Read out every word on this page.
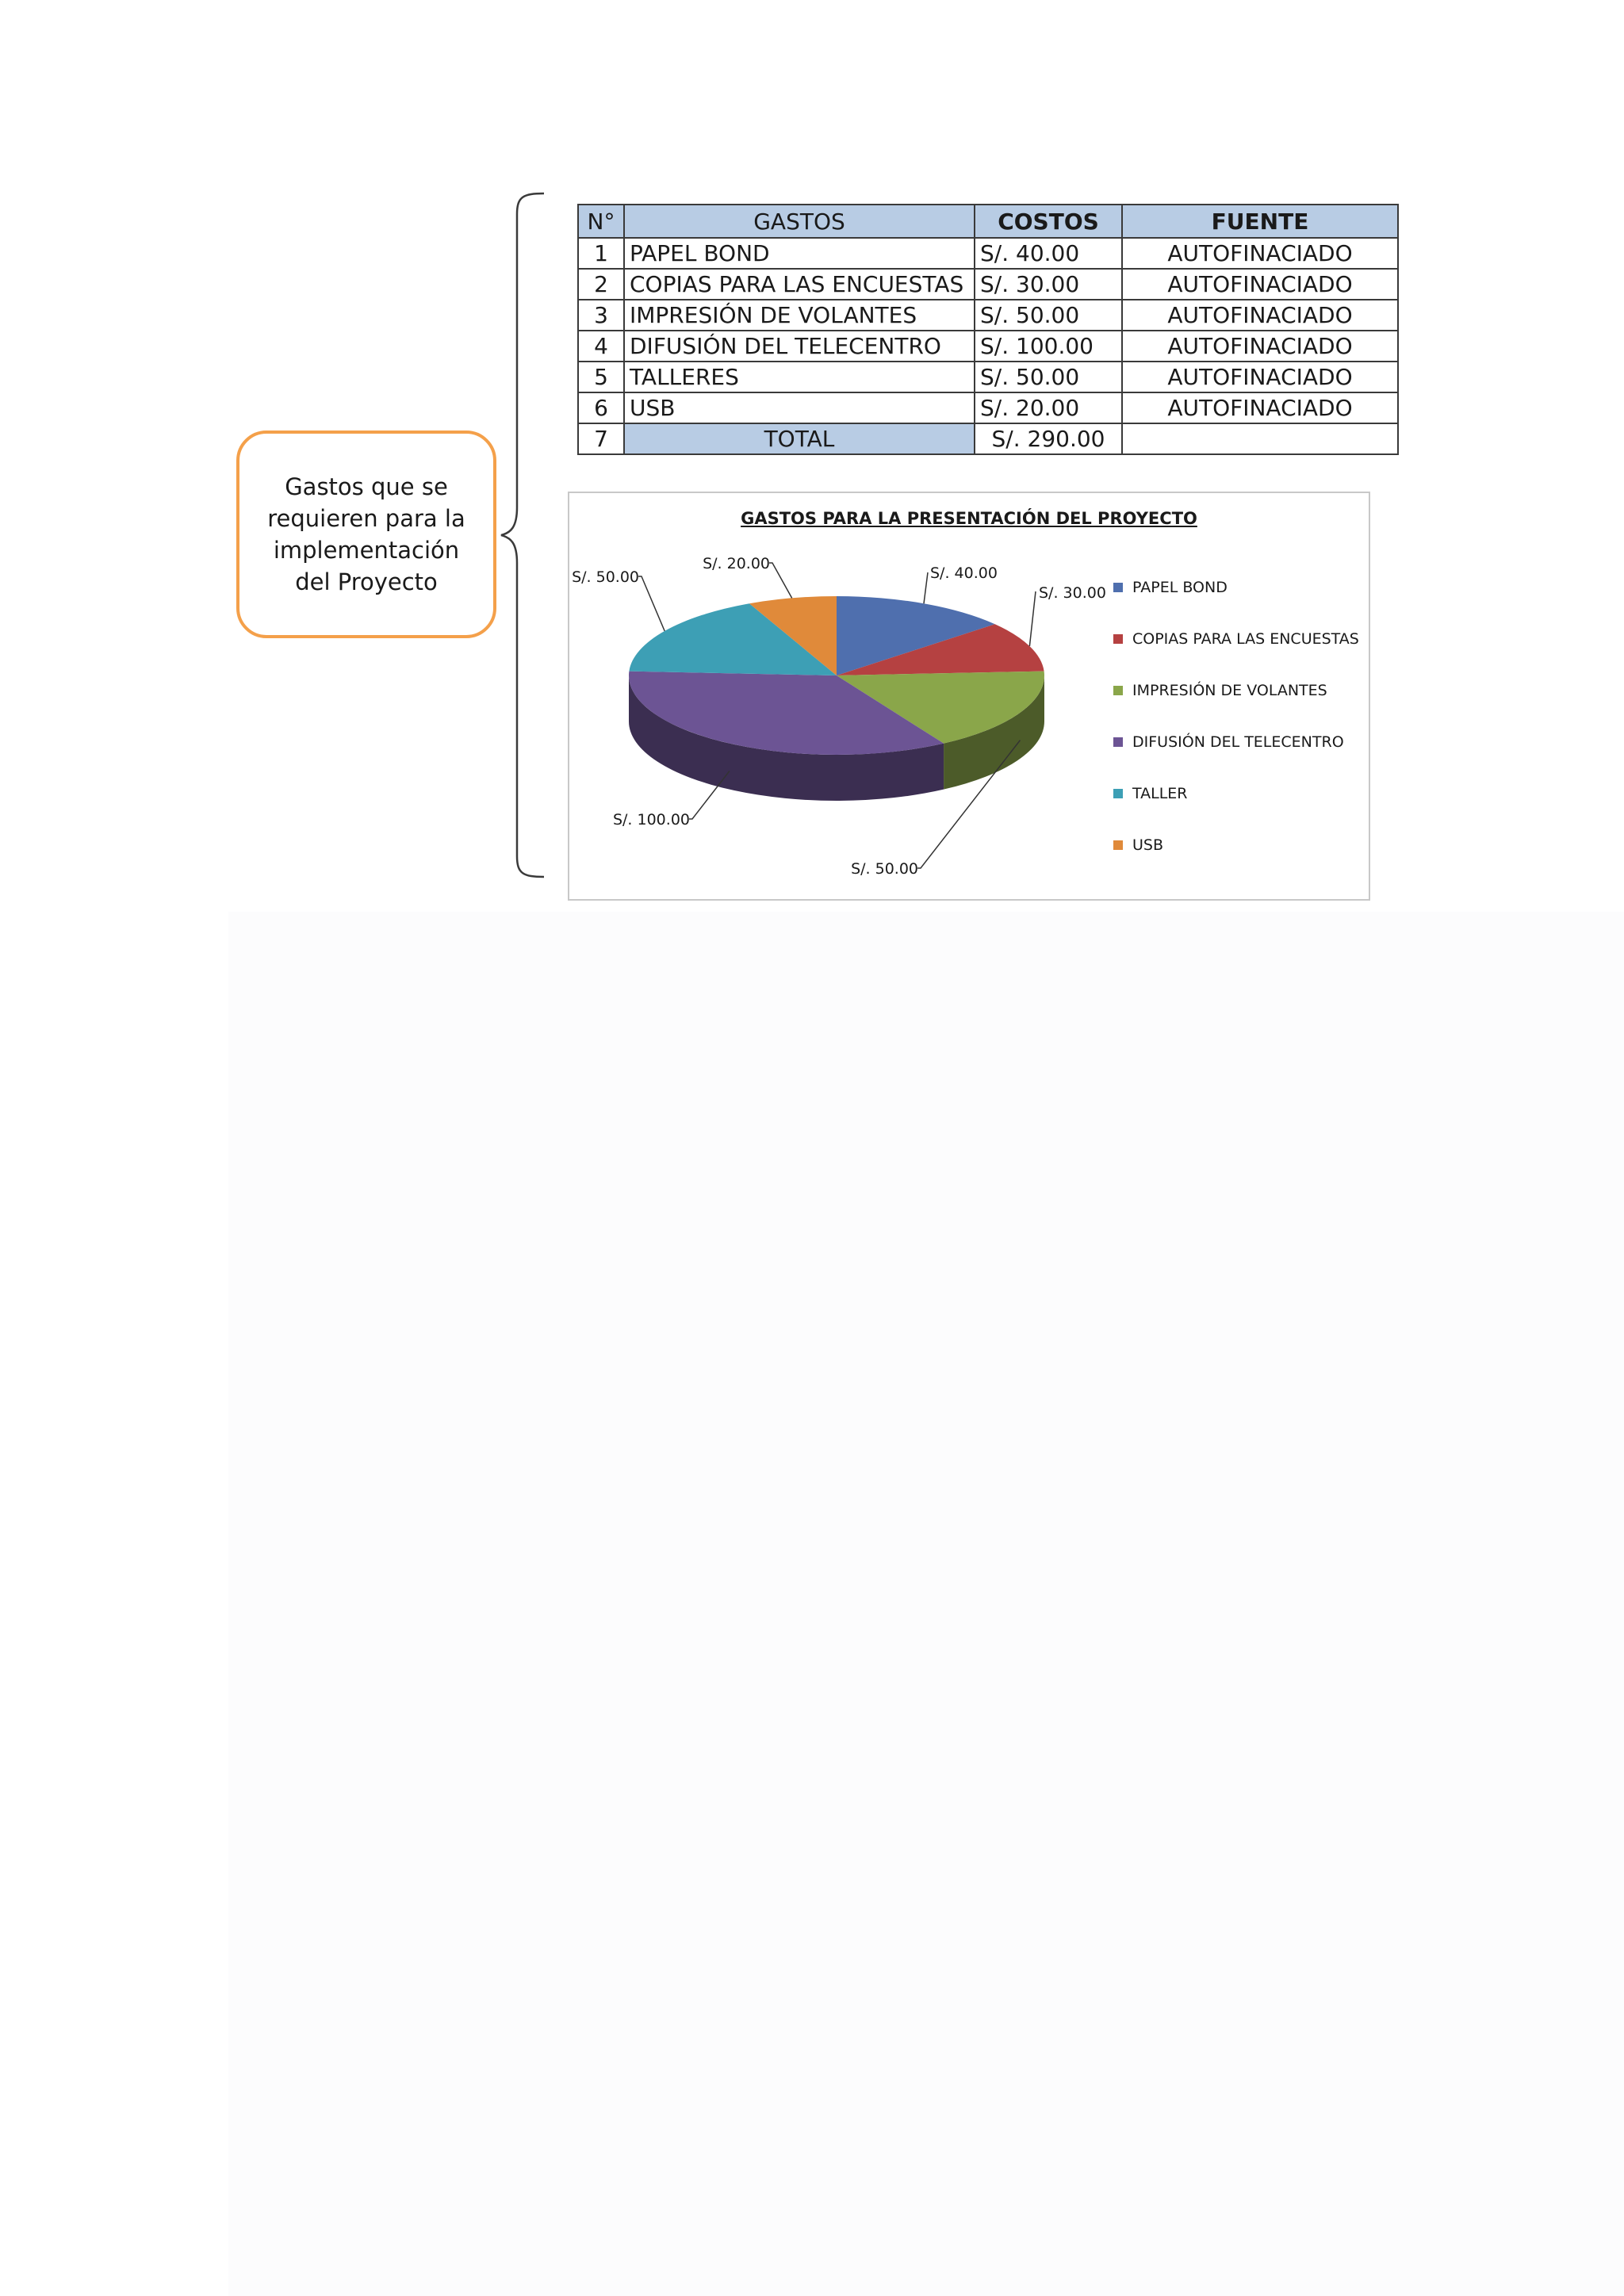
Gastos que se requieren para la implementación del Proyecto
N°	GASTOS	COSTOS	FUENTE
1	PAPEL BOND	S/. 40.00	AUTOFINACIADO
2	COPIAS PARA LAS ENCUESTAS	S/. 30.00	AUTOFINACIADO
3	IMPRESIÓN DE VOLANTES	S/. 50.00	AUTOFINACIADO
4	DIFUSIÓN DEL TELECENTRO	S/. 100.00	AUTOFINACIADO
5	TALLERES	S/. 50.00	AUTOFINACIADO
6	USB	S/. 20.00	AUTOFINACIADO
7	TOTAL	S/. 290.00	
GASTOS PARA LA PRESENTACIÓN DEL PROYECTO
S/. 40.00
S/. 30.00
S/. 50.00
S/. 100.00
S/. 50.00
S/. 20.00
PAPEL BOND
COPIAS PARA LAS ENCUESTAS
IMPRESIÓN DE VOLANTES
DIFUSIÓN DEL TELECENTRO
TALLER
USB
